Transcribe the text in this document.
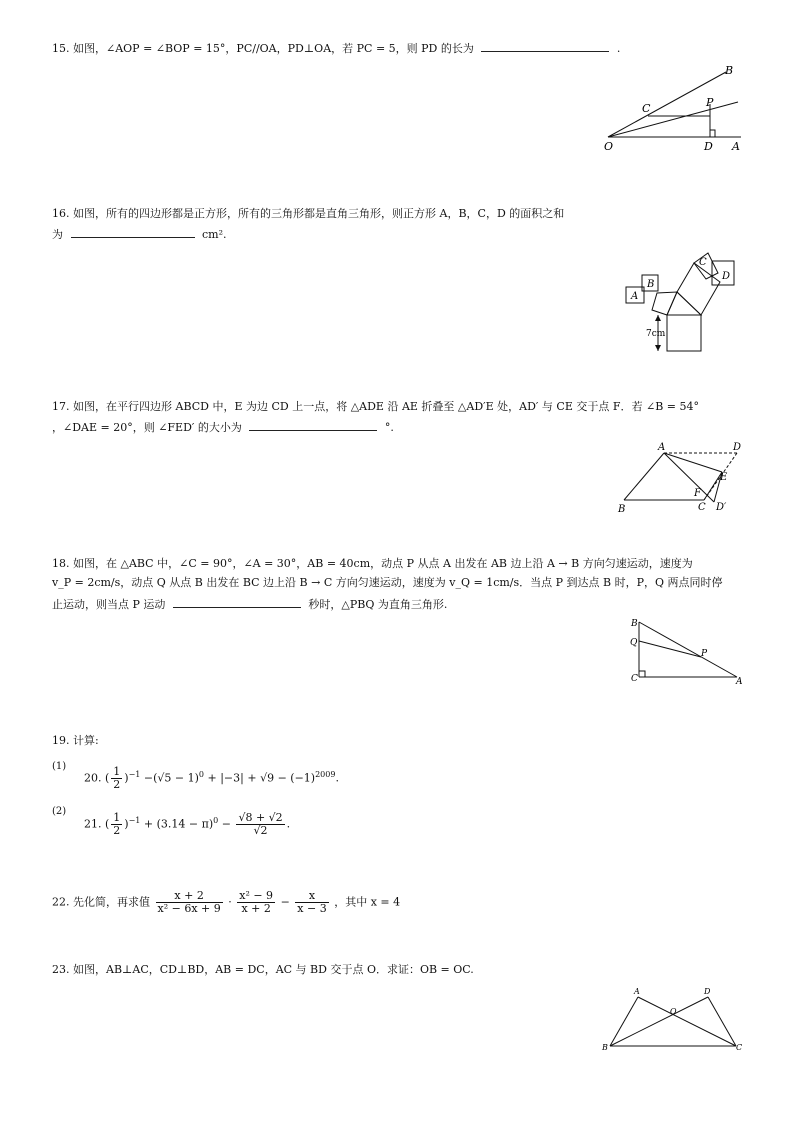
15. 如图，∠AOP = ∠BOP = 15°，PC//OA，PD⊥OA，若 PC = 5，则 PD 的长为	.
B
C	P
O	D A
16. 如图，所有的四边形都是正方形，所有的三角形都是直角三角形，则正方形 A，B，C，D 的面积之和
为	cm².
A
B
C
D
7cm
17. 如图，在平行四边形 ABCD 中，E 为边 CD 上一点，将 △ADE 沿 AE 折叠至 △AD′E 处，AD′ 与 CE 交于点 F．若 ∠B = 54°
，∠DAE = 20°，则 ∠FED′ 的大小为	°.
A	D
E
F
B	C D′
18. 如图，在 △ABC 中，∠C = 90°，∠A = 30°，AB = 40cm，动点 P 从点 A 出发在 AB 边上沿 A → B 方向匀速运动，速度为
v_P = 2cm/s，动点 Q 从点 B 出发在 BC 边上沿 B → C 方向匀速运动，速度为 v_Q = 1cm/s．当点 P 到达点 B 时，P，Q 两点同时停
止运动，则当点 P 运动	秒时，△PBQ 为直角三角形.
B
Q
P
C	A
19. 计算:
(1)
20. ( $\frac{1}{2} )^{-1} -(√5 - 1)^0 + |-3| + √9 - (-1)^{2009}$.
(2)
21. ( $\frac{1}{2} )^{-1} + (3.14 - \pi)^0 - \frac{√8 + √2}{√2}$ .
22. 先化简，再求值 $\frac{x + 2}{\text{x² − 6x + 9}} \cdot \frac{\text{x² − 9}}{x + 2} - \frac{x}{x - 3}$ ，其中 x = 4
23. 如图，AB⊥AC，CD⊥BD，AB = DC，AC 与 BD 交于点 O．求证：OB = OC.
A	D
O
B	C
